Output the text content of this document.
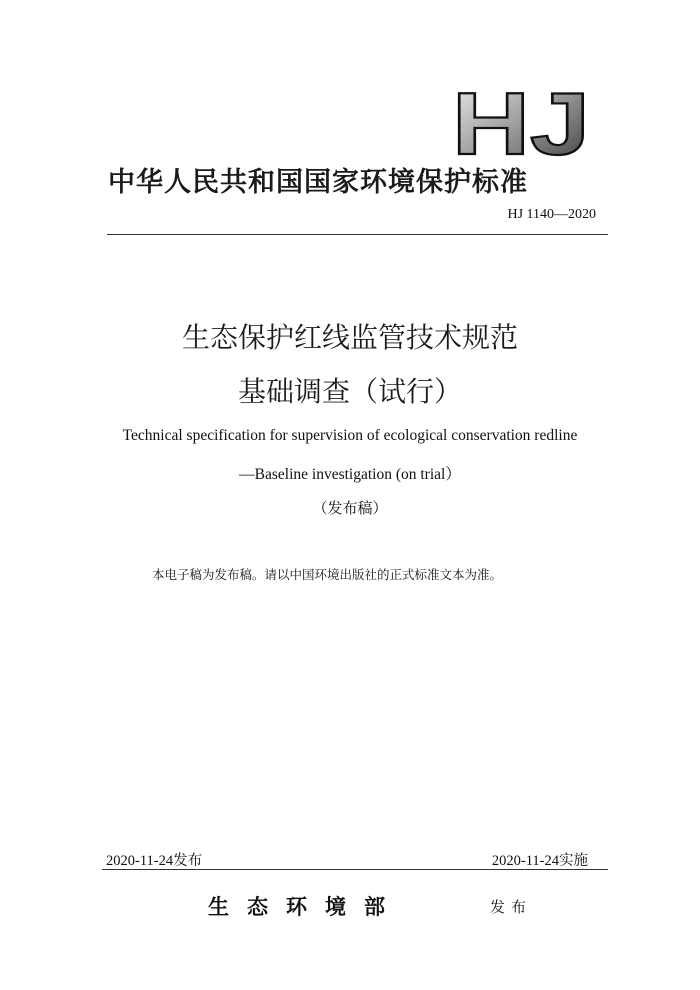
HJ
中华人民共和国国家环境保护标准
HJ 1140—2020
生态保护红线监管技术规范
基础调查（试行）
Technical specification for supervision of ecological conservation redline
—Baseline investigation (on trial）
（发布稿）
本电子稿为发布稿。请以中国环境出版社的正式标准文本为准。
2020-11-24发布	2020-11-24实施
生态环境部	发布
